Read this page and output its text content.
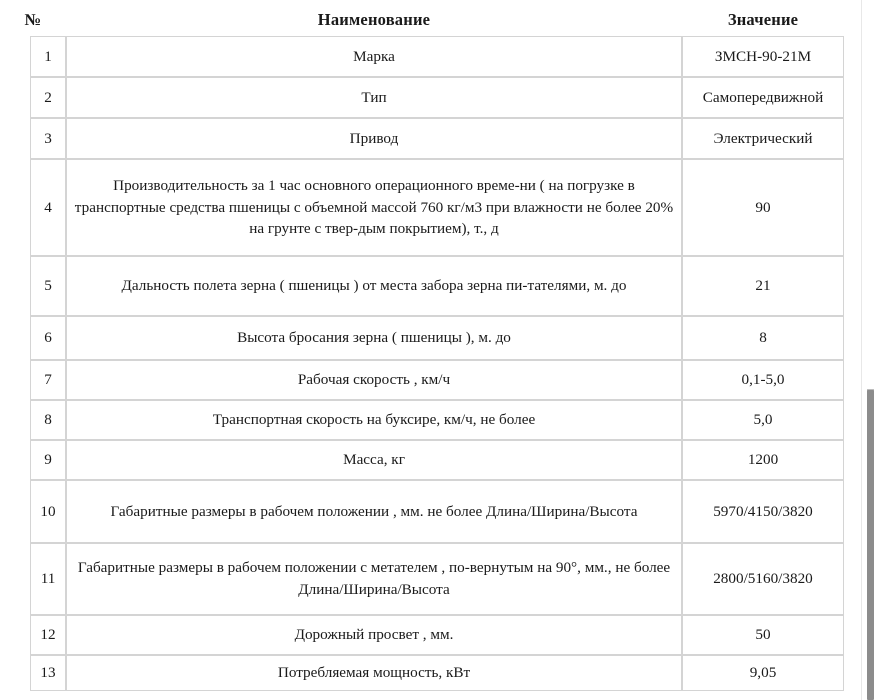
№	Наименование	Значение
1	Марка	ЗМСН-90-21М
2	Тип	Самопередвижной
3	Привод	Электрический
4	Производительность за 1 час основного операционного време-ни ( на погрузке в транспортные средства пшеницы с объемной массой 760 кг/м3 при влажности не более 20% на грунте с твер-дым покрытием), т., д	90
5	Дальность полета зерна ( пшеницы ) от места забора зерна пи-тателями, м. до	21
6	Высота бросания зерна ( пшеницы ), м. до	8
7	Рабочая скорость , км/ч	0,1-5,0
8	Транспортная скорость на буксире, км/ч, не более	5,0
9	Масса, кг	1200
10	Габаритные размеры в рабочем положении , мм. не более Длина/Ширина/Высота	5970/4150/3820
11	Габаритные размеры в рабочем положении с метателем , по-вернутым на 90°, мм., не более Длина/Ширина/Высота	2800/5160/3820
12	Дорожный просвет , мм.	50
13	Потребляемая мощность, кВт	9,05
